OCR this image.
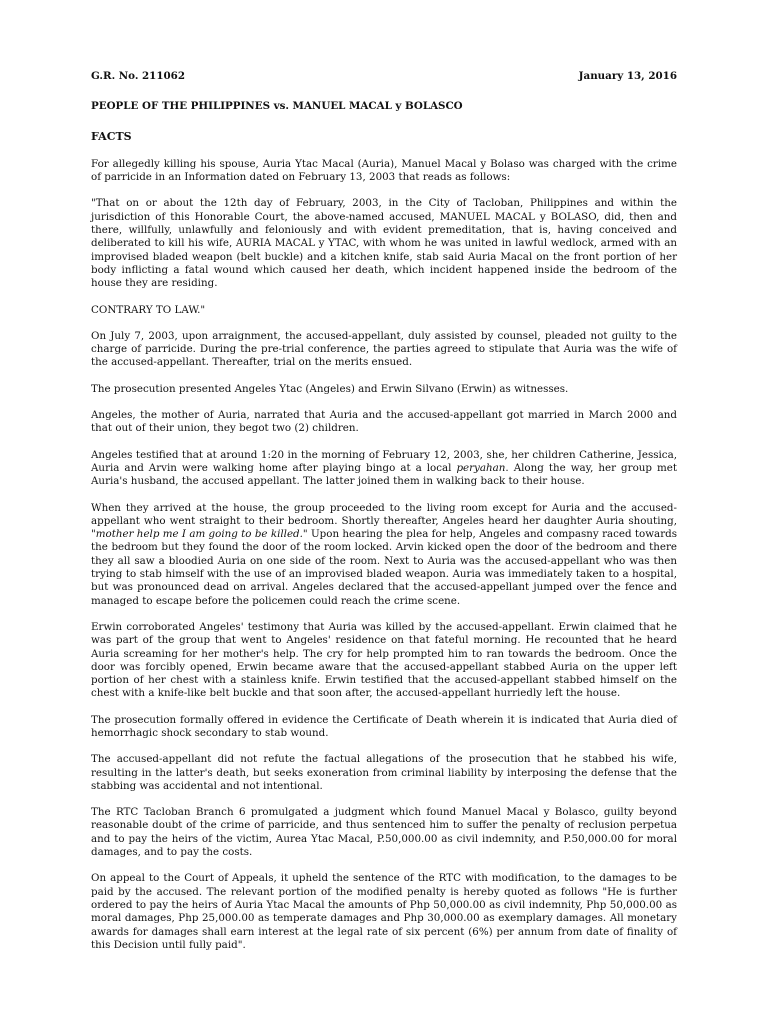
G.R. No. 211062	January 13, 2016
PEOPLE OF THE PHILIPPINES vs. MANUEL MACAL y BOLASCO
FACTS

For allegedly killing his spouse, Auria Ytac Macal (Auria), Manuel Macal y Bolaso was charged with the crime of parricide in an Information dated on February 13, 2003 that reads as follows:

"That on or about the 12th day of February, 2003, in the City of Tacloban, Philippines and within the jurisdiction of this Honorable Court, the above-named accused, MANUEL MACAL y BOLASO, did, then and there, willfully, unlawfully and feloniously and with evident premeditation, that is, having conceived and deliberated to kill his wife, AURIA MACAL y YTAC, with whom he was united in lawful wedlock, armed with an improvised bladed weapon (belt buckle) and a kitchen knife, stab said Auria Macal on the front portion of her body inflicting a fatal wound which caused her death, which incident happened inside the bedroom of the house they are residing.

CONTRARY TO LAW."

On July 7, 2003, upon arraignment, the accused-appellant, duly assisted by counsel, pleaded not guilty to the charge of parricide. During the pre-trial conference, the parties agreed to stipulate that Auria was the wife of the accused-appellant. Thereafter, trial on the merits ensued.

The prosecution presented Angeles Ytac (Angeles) and Erwin Silvano (Erwin) as witnesses.

Angeles, the mother of Auria, narrated that Auria and the accused-appellant got married in March 2000 and that out of their union, they begot two (2) children.

Angeles testified that at around 1:20 in the morning of February 12, 2003, she, her children Catherine, Jessica, Auria and Arvin were walking home after playing bingo at a local peryahan. Along the way, her group met Auria's husband, the accused appellant. The latter joined them in walking back to their house.

When they arrived at the house, the group proceeded to the living room except for Auria and the accused-appellant who went straight to their bedroom. Shortly thereafter, Angeles heard her daughter Auria shouting, "mother help me I am going to be killed." Upon hearing the plea for help, Angeles and compasny raced towards the bedroom but they found the door of the room locked. Arvin kicked open the door of the bedroom and there they all saw a bloodied Auria on one side of the room. Next to Auria was the accused-appellant who was then trying to stab himself with the use of an improvised bladed weapon. Auria was immediately taken to a hospital, but was pronounced dead on arrival. Angeles declared that the accused-appellant jumped over the fence and managed to escape before the policemen could reach the crime scene.

Erwin corroborated Angeles' testimony that Auria was killed by the accused-appellant. Erwin claimed that he was part of the group that went to Angeles' residence on that fateful morning. He recounted that he heard Auria screaming for her mother's help. The cry for help prompted him to ran towards the bedroom. Once the door was forcibly opened, Erwin became aware that the accused-appellant stabbed Auria on the upper left portion of her chest with a stainless knife. Erwin testified that the accused-appellant stabbed himself on the chest with a knife-like belt buckle and that soon after, the accused-appellant hurriedly left the house.

The prosecution formally offered in evidence the Certificate of Death wherein it is indicated that Auria died of hemorrhagic shock secondary to stab wound.

The accused-appellant did not refute the factual allegations of the prosecution that he stabbed his wife, resulting in the latter's death, but seeks exoneration from criminal liability by interposing the defense that the stabbing was accidental and not intentional.

The RTC Tacloban Branch 6 promulgated a judgment which found Manuel Macal y Bolasco, guilty beyond reasonable doubt of the crime of parricide, and thus sentenced him to suffer the penalty of reclusion perpetua and to pay the heirs of the victim, Aurea Ytac Macal, P.50,000.00 as civil indemnity, and P.50,000.00 for moral damages, and to pay the costs.

On appeal to the Court of Appeals, it upheld the sentence of the RTC with modification, to the damages to be paid by the accused. The relevant portion of the modified penalty is hereby quoted as follows "He is further ordered to pay the heirs of Auria Ytac Macal the amounts of Php 50,000.00 as civil indemnity, Php 50,000.00 as moral damages, Php 25,000.00 as temperate damages and Php 30,000.00 as exemplary damages. All monetary awards for damages shall earn interest at the legal rate of six percent (6%) per annum from date of finality of this Decision until fully paid".
